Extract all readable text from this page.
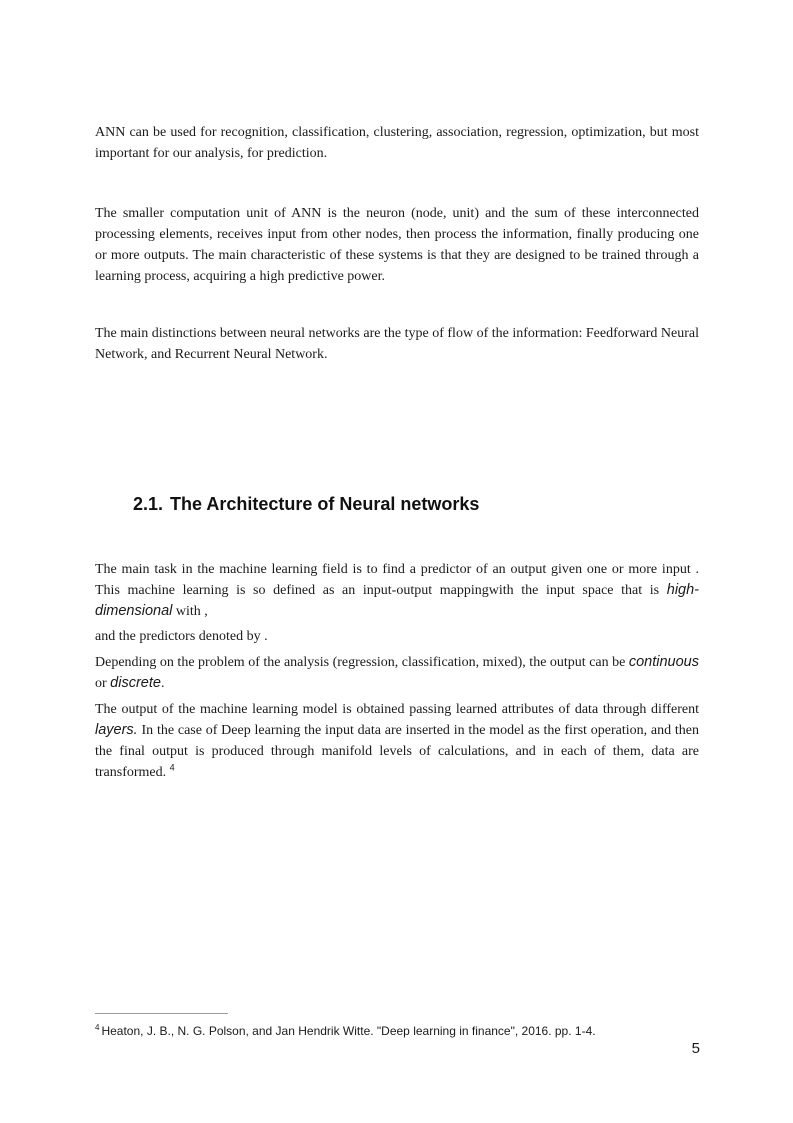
ANN can be used for recognition, classification, clustering, association, regression, optimization, but most important for our analysis, for prediction.

The smaller computation unit of ANN is the neuron (node, unit) and the sum of these interconnected processing elements, receives input from other nodes, then process the information, finally producing one or more outputs. The main characteristic of these systems is that they are designed to be trained through a learning process, acquiring a high predictive power.

The main distinctions between neural networks are the type of flow of the information: Feedforward Neural Network, and Recurrent Neural Network.

2.1. The Architecture of Neural networks

The main task in the machine learning field is to find a predictor of an output given one or more input . This machine learning is so defined as an input-output mappingwith the input space that is high-dimensional with ,

and the predictors denoted by .

Depending on the problem of the analysis (regression, classification, mixed), the output can be continuous or discrete.

The output of the machine learning model is obtained passing learned attributes of data through different layers. In the case of Deep learning the input data are inserted in the model as the first operation, and then the final output is produced through manifold levels of calculations, and in each of them, data are transformed. $^4$

$^4$ Heaton, J. B., N. G. Polson, and Jan Hendrik Witte. "Deep learning in finance", 2016. pp. 1-4.

5
